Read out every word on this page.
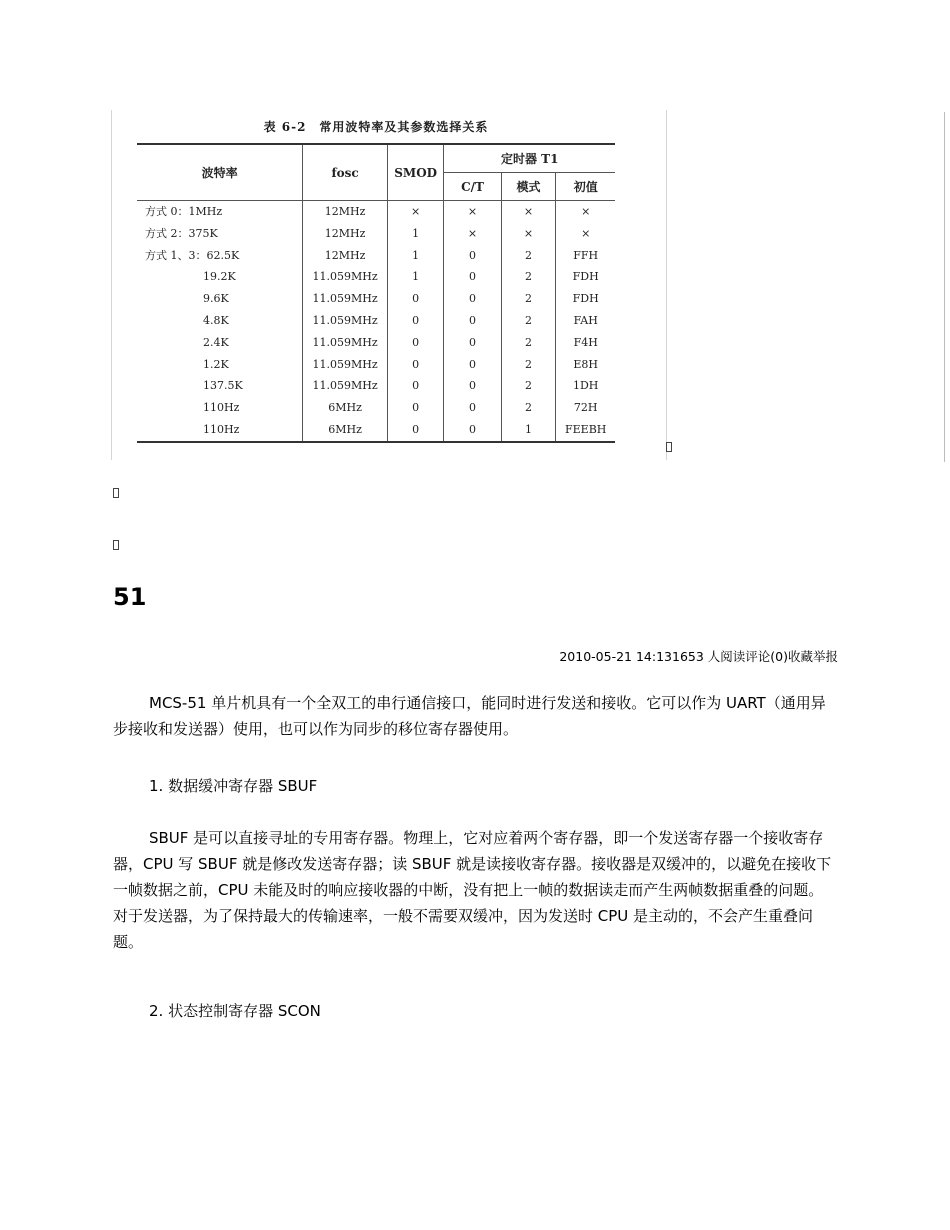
表 6-2　常用波特率及其参数选择关系
波特率	fosc	SMOD	定时器 T1		
			C/T	模式	初值
方式 0：1MHz	12MHz	×	×	×	×
方式 2：375K	12MHz	1	×	×	×
方式 1、3：62.5K	12MHz	1	0	2	FFH
19.2K	11.059MHz	1	0	2	FDH
9.6K	11.059MHz	0	0	2	FDH
4.8K	11.059MHz	0	0	2	FAH
2.4K	11.059MHz	0	0	2	F4H
1.2K	11.059MHz	0	0	2	E8H
137.5K	11.059MHz	0	0	2	1DH
110Hz	6MHz	0	0	2	72H
110Hz	6MHz	0	0	1	FEEBH
51
2010-05-21 14:131653 人阅读评论(0)收藏举报

MCS-51 单片机具有一个全双工的串行通信接口，能同时进行发送和接收。它可以作为 UART（通用异步接收和发送器）使用，也可以作为同步的移位寄存器使用。

1. 数据缓冲寄存器 SBUF

SBUF 是可以直接寻址的专用寄存器。物理上，它对应着两个寄存器，即一个发送寄存器一个接收寄存器，CPU 写 SBUF 就是修改发送寄存器；读 SBUF 就是读接收寄存器。接收器是双缓冲的，以避免在接收下一帧数据之前，CPU 未能及时的响应接收器的中断，没有把上一帧的数据读走而产生两帧数据重叠的问题。对于发送器，为了保持最大的传输速率，一般不需要双缓冲，因为发送时 CPU 是主动的，不会产生重叠问题。

2. 状态控制寄存器 SCON
